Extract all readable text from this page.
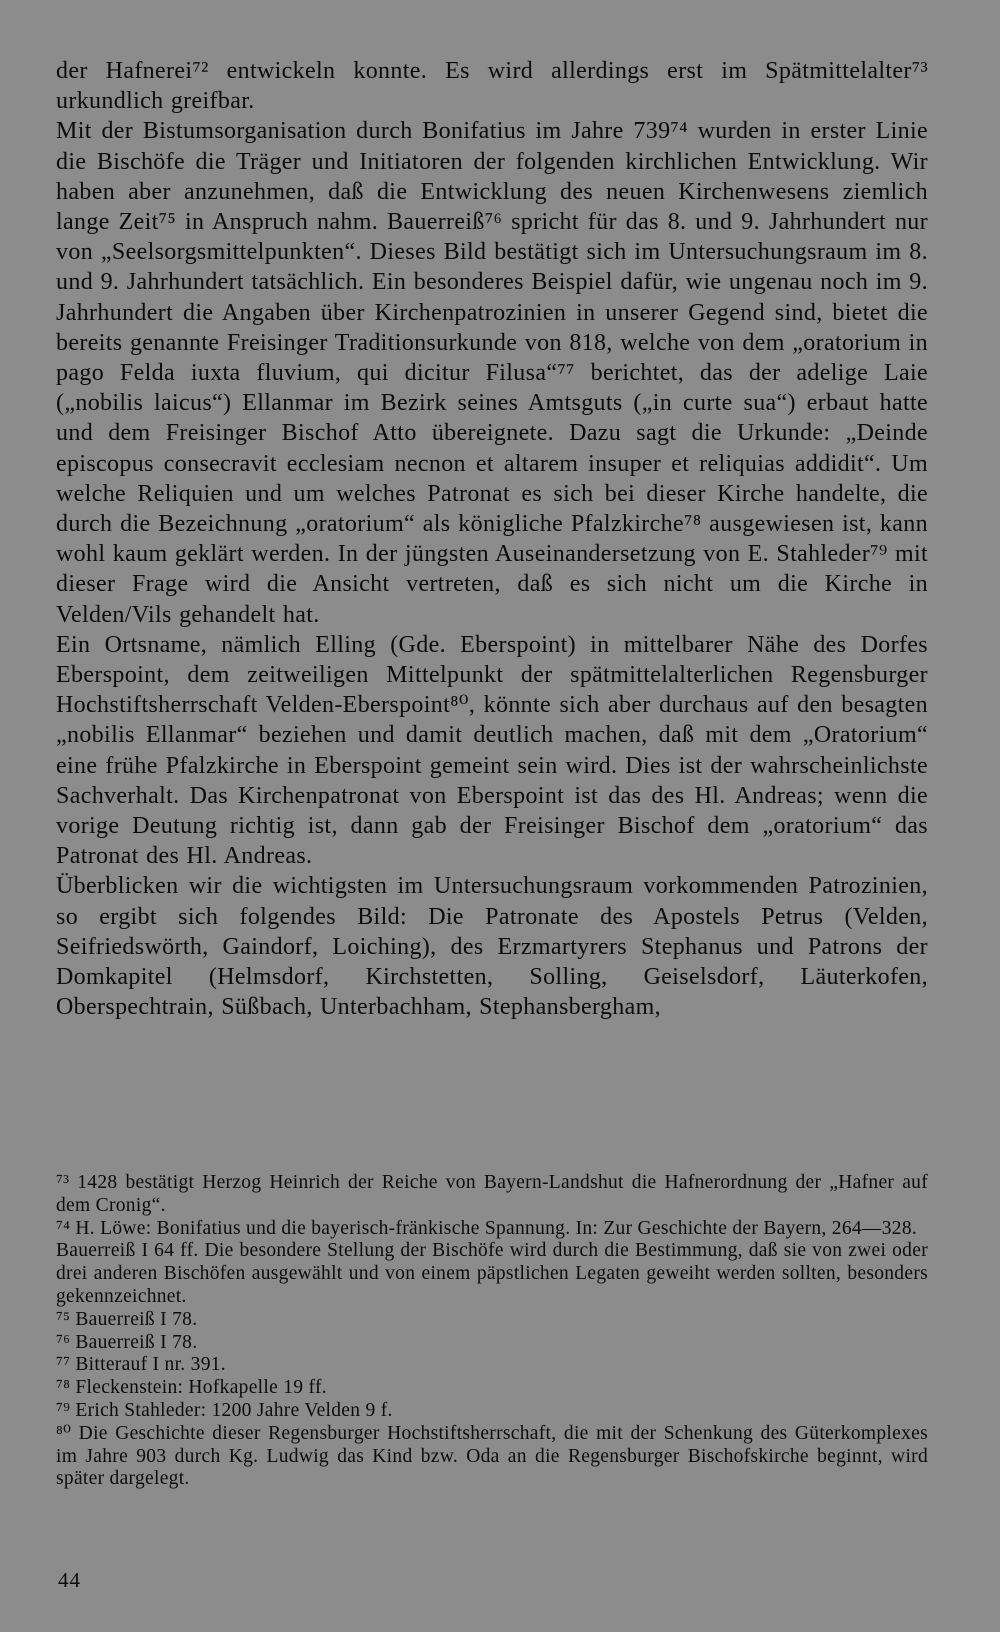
der Hafnerei⁷² entwickeln konnte. Es wird allerdings erst im Spätmittelalter⁷³ urkundlich greifbar.

Mit der Bistumsorganisation durch Bonifatius im Jahre 739⁷⁴ wurden in erster Linie die Bischöfe die Träger und Initiatoren der folgenden kirchlichen Entwicklung. Wir haben aber anzunehmen, daß die Entwicklung des neuen Kirchenwesens ziemlich lange Zeit⁷⁵ in Anspruch nahm. Bauerreiß⁷⁶ spricht für das 8. und 9. Jahrhundert nur von „Seelsorgsmittelpunkten“. Dieses Bild bestätigt sich im Untersuchungsraum im 8. und 9. Jahrhundert tatsächlich. Ein besonderes Beispiel dafür, wie ungenau noch im 9. Jahrhundert die Angaben über Kirchenpatrozinien in unserer Gegend sind, bietet die bereits genannte Freisinger Traditionsurkunde von 818, welche von dem „oratorium in pago Felda iuxta fluvium, qui dicitur Filusa“⁷⁷ berichtet, das der adelige Laie („nobilis laicus“) Ellanmar im Bezirk seines Amtsguts („in curte sua“) erbaut hatte und dem Freisinger Bischof Atto übereignete. Dazu sagt die Urkunde: „Deinde episcopus consecravit ecclesiam necnon et altarem insuper et reliquias addidit“. Um welche Reliquien und um welches Patronat es sich bei dieser Kirche handelte, die durch die Bezeichnung „oratorium“ als königliche Pfalzkirche⁷⁸ ausgewiesen ist, kann wohl kaum geklärt werden. In der jüngsten Auseinandersetzung von E. Stahleder⁷⁹ mit dieser Frage wird die Ansicht vertreten, daß es sich nicht um die Kirche in Velden/Vils gehandelt hat.

Ein Ortsname, nämlich Elling (Gde. Eberspoint) in mittelbarer Nähe des Dorfes Eberspoint, dem zeitweiligen Mittelpunkt der spätmittelalterlichen Regensburger Hochstiftsherrschaft Velden-Eberspoint⁸⁰, könnte sich aber durchaus auf den besagten „nobilis Ellanmar“ beziehen und damit deutlich machen, daß mit dem „Oratorium“ eine frühe Pfalzkirche in Eberspoint gemeint sein wird. Dies ist der wahrscheinlichste Sachverhalt. Das Kirchenpatronat von Eberspoint ist das des Hl. Andreas; wenn die vorige Deutung richtig ist, dann gab der Freisinger Bischof dem „oratorium“ das Patronat des Hl. Andreas.

Überblicken wir die wichtigsten im Untersuchungsraum vorkommenden Patrozinien, so ergibt sich folgendes Bild: Die Patronate des Apostels Petrus (Velden, Seifriedswörth, Gaindorf, Loiching), des Erzmartyrers Stephanus und Patrons der Domkapitel (Helmsdorf, Kirchstetten, Solling, Geiselsdorf, Läuterkofen, Oberspechtrain, Süßbach, Unterbachham, Stephansbergham,

⁷³ 1428 bestätigt Herzog Heinrich der Reiche von Bayern-Landshut die Hafnerordnung der „Hafner auf dem Cronig“.

⁷⁴ H. Löwe: Bonifatius und die bayerisch-fränkische Spannung. In: Zur Geschichte der Bayern, 264—328.

Bauerreiß I 64 ff. Die besondere Stellung der Bischöfe wird durch die Bestimmung, daß sie von zwei oder drei anderen Bischöfen ausgewählt und von einem päpstlichen Legaten geweiht werden sollten, besonders gekennzeichnet.

⁷⁵ Bauerreiß I 78.

⁷⁶ Bauerreiß I 78.

⁷⁷ Bitterauf I nr. 391.

⁷⁸ Fleckenstein: Hofkapelle 19 ff.

⁷⁹ Erich Stahleder: 1200 Jahre Velden 9 f.

⁸⁰ Die Geschichte dieser Regensburger Hochstiftsherrschaft, die mit der Schenkung des Güterkomplexes im Jahre 903 durch Kg. Ludwig das Kind bzw. Oda an die Regensburger Bischofskirche beginnt, wird später dargelegt.

44
